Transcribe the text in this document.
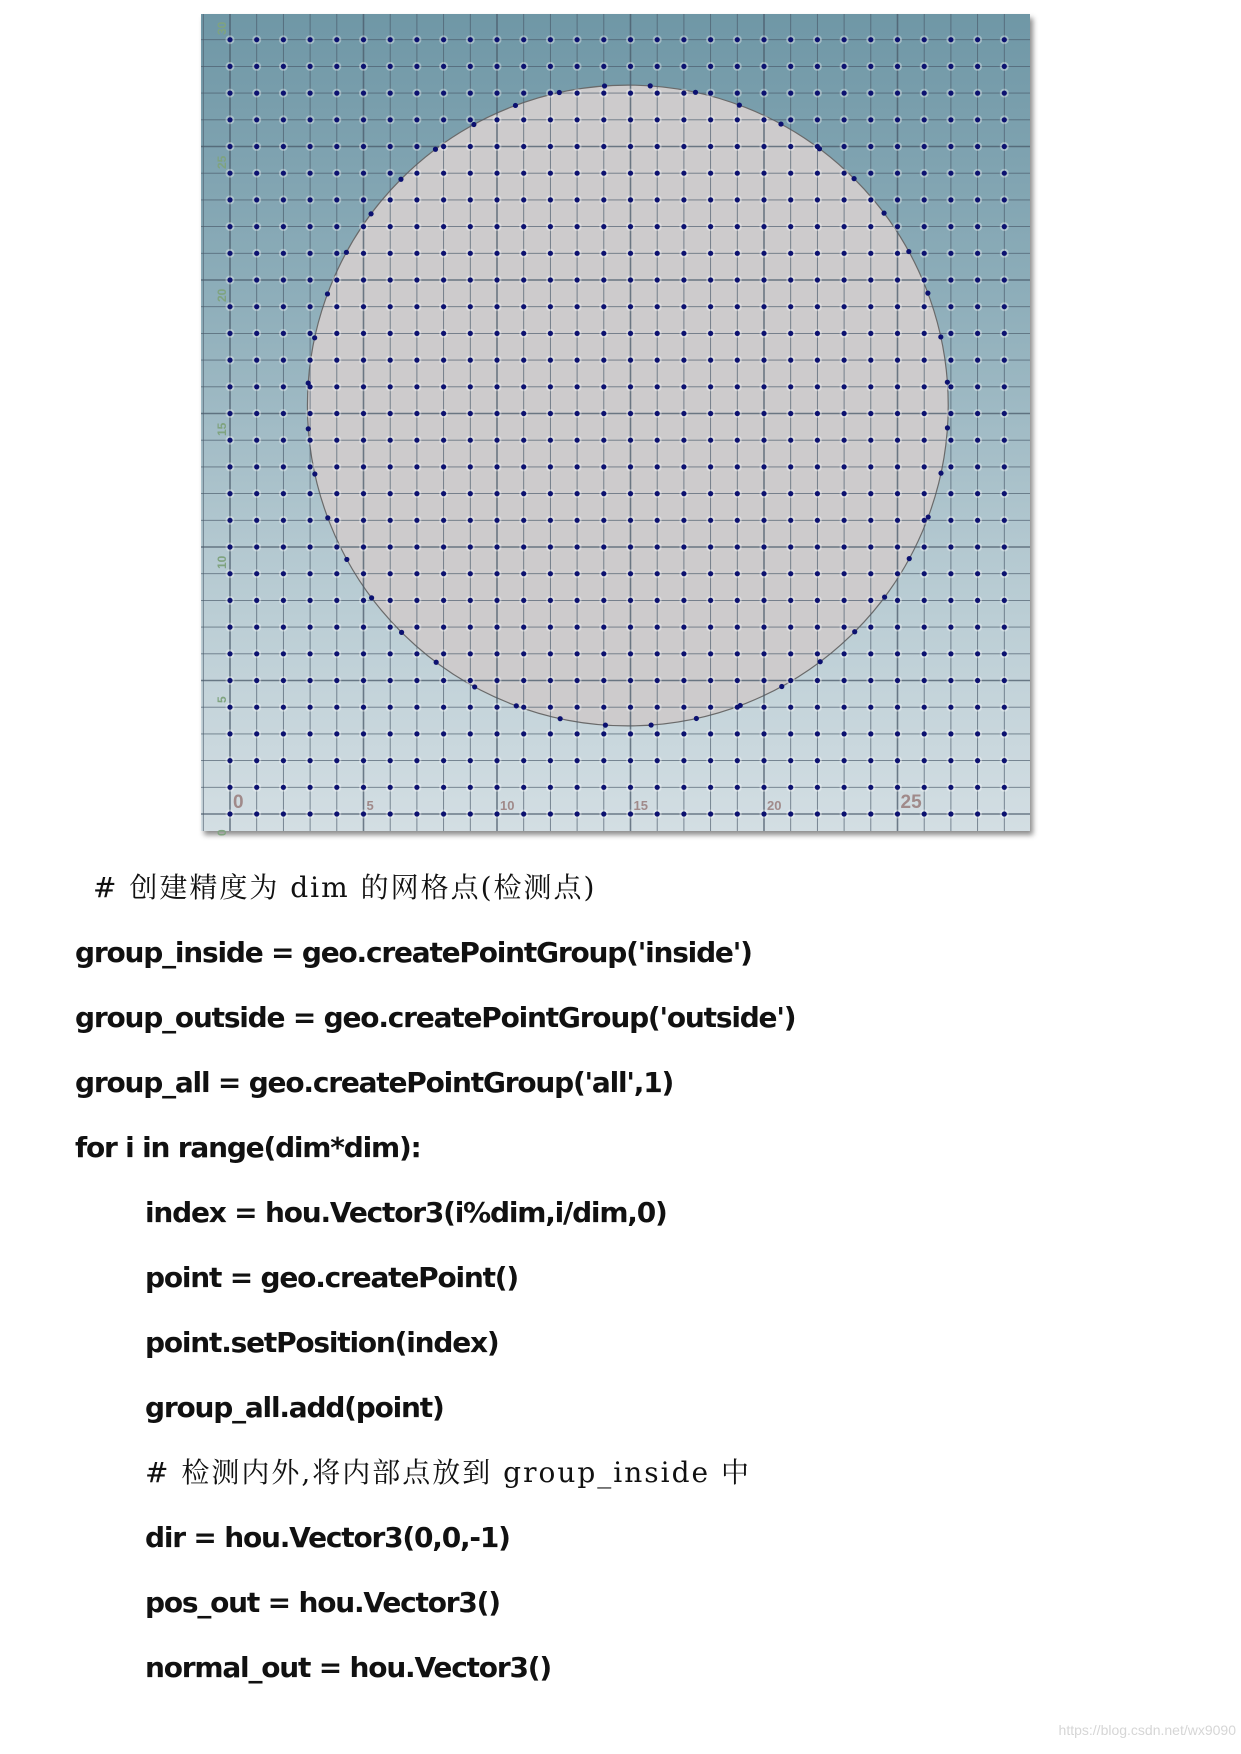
0	5	10	15	20	25
0
5
10
15
20
25
30
# 创建精度为 dim 的网格点(检测点)
group_inside = geo.createPointGroup('inside')
group_outside = geo.createPointGroup('outside')
group_all = geo.createPointGroup('all',1)
for i in range(dim*dim):
index = hou.Vector3(i%dim,i/dim,0)
point = geo.createPoint()
point.setPosition(index)
group_all.add(point)
# 检测内外,将内部点放到 group_inside 中
dir = hou.Vector3(0,0,-1)
pos_out = hou.Vector3()
normal_out = hou.Vector3()
https://blog.csdn.net/wx9090
